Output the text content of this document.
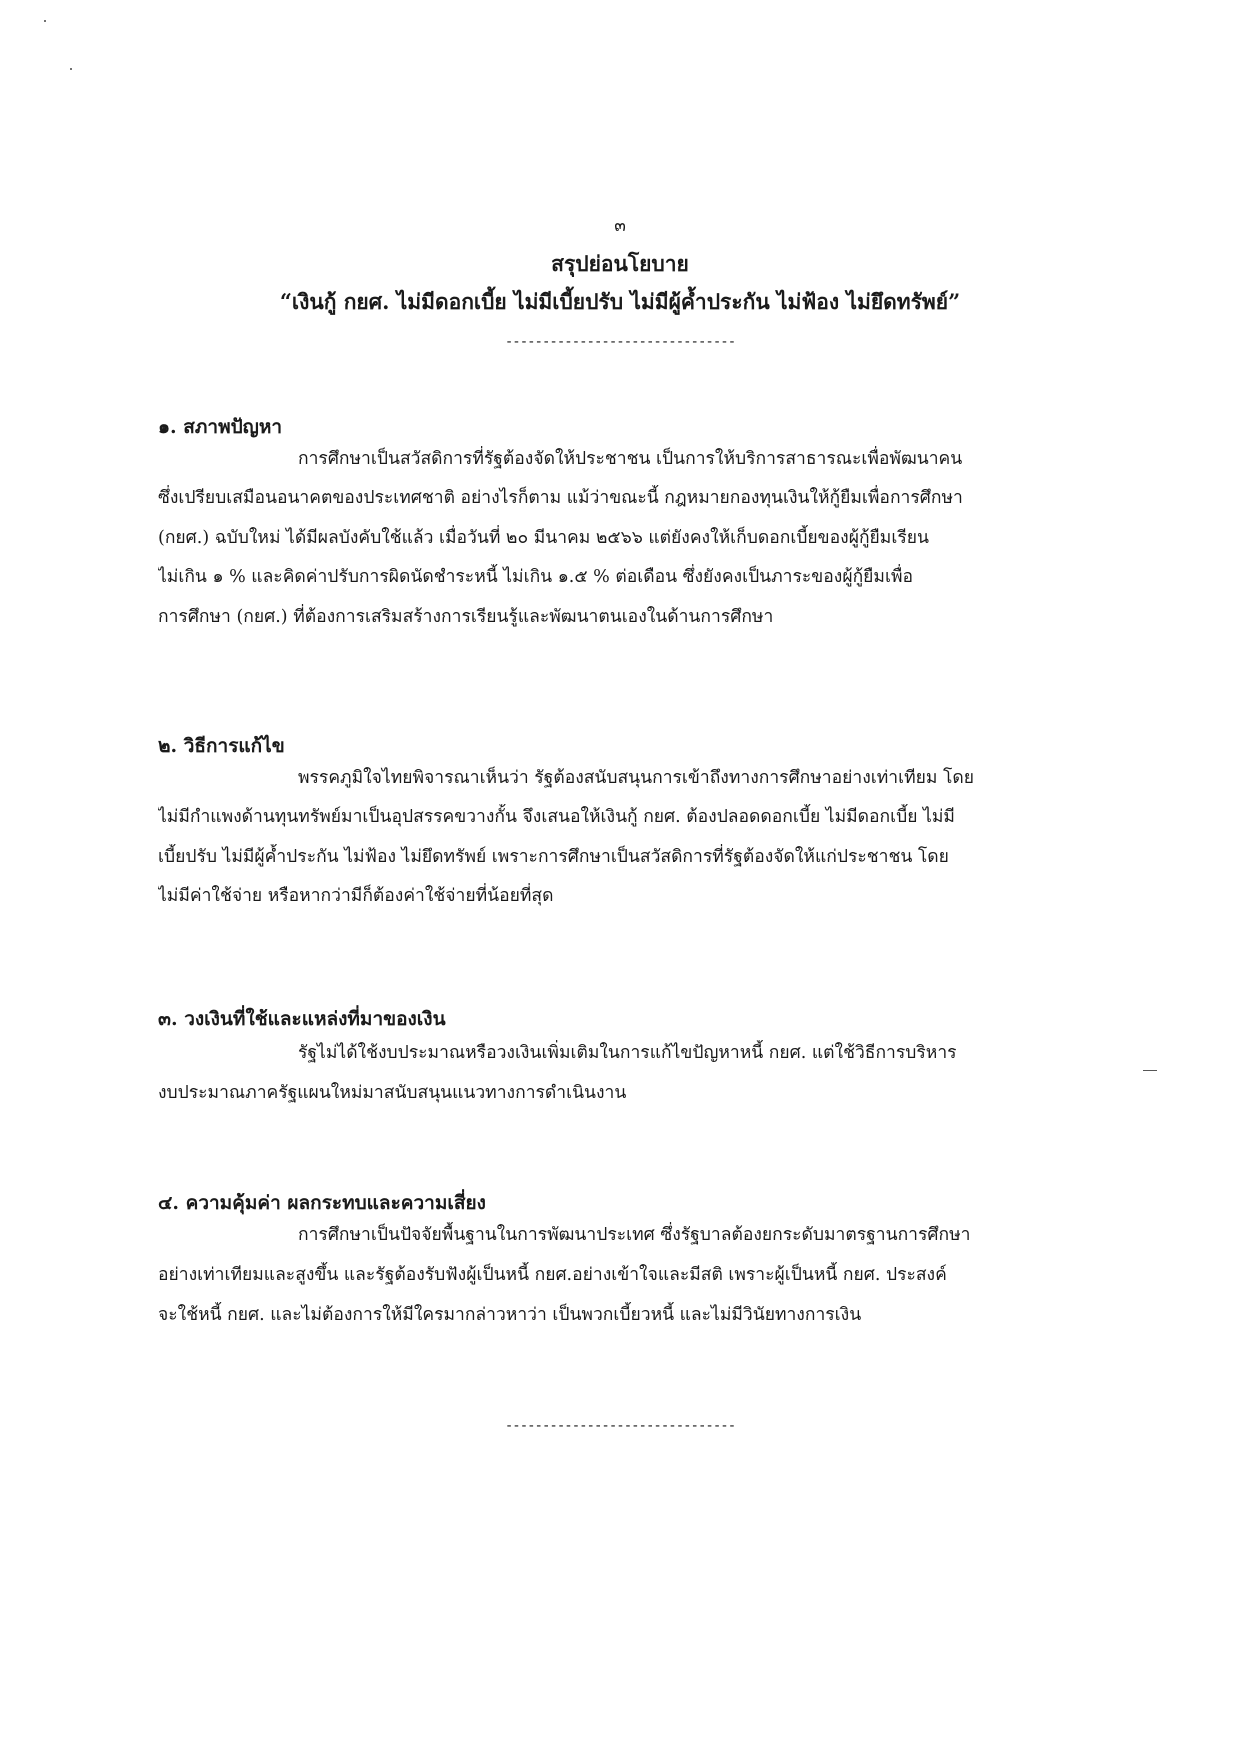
๓
สรุปย่อนโยบาย
“เงินกู้ กยศ. ไม่มีดอกเบี้ย ไม่มีเบี้ยปรับ ไม่มีผู้ค้ำประกัน ไม่ฟ้อง ไม่ยึดทรัพย์”
-------------------------------
๑. สภาพปัญหา
การศึกษาเป็นสวัสดิการที่รัฐต้องจัดให้ประชาชน เป็นการให้บริการสาธารณะเพื่อพัฒนาคน
ซึ่งเปรียบเสมือนอนาคตของประเทศชาติ อย่างไรก็ตาม แม้ว่าขณะนี้ กฎหมายกองทุนเงินให้กู้ยืมเพื่อการศึกษา
(กยศ.) ฉบับใหม่ ได้มีผลบังคับใช้แล้ว เมื่อวันที่ ๒๐ มีนาคม ๒๕๖๖ แต่ยังคงให้เก็บดอกเบี้ยของผู้กู้ยืมเรียน
ไม่เกิน ๑ % และคิดค่าปรับการผิดนัดชำระหนี้ ไม่เกิน ๑.๕ % ต่อเดือน ซึ่งยังคงเป็นภาระของผู้กู้ยืมเพื่อ
การศึกษา (กยศ.) ที่ต้องการเสริมสร้างการเรียนรู้และพัฒนาตนเองในด้านการศึกษา
๒. วิธีการแก้ไข
พรรคภูมิใจไทยพิจารณาเห็นว่า รัฐต้องสนับสนุนการเข้าถึงทางการศึกษาอย่างเท่าเทียม โดย
ไม่มีกำแพงด้านทุนทรัพย์มาเป็นอุปสรรคขวางกั้น จึงเสนอให้เงินกู้ กยศ. ต้องปลอดดอกเบี้ย ไม่มีดอกเบี้ย ไม่มี
เบี้ยปรับ ไม่มีผู้ค้ำประกัน ไม่ฟ้อง ไม่ยึดทรัพย์ เพราะการศึกษาเป็นสวัสดิการที่รัฐต้องจัดให้แก่ประชาชน โดย
ไม่มีค่าใช้จ่าย หรือหากว่ามีก็ต้องค่าใช้จ่ายที่น้อยที่สุด
๓. วงเงินที่ใช้และแหล่งที่มาของเงิน
รัฐไม่ได้ใช้งบประมาณหรือวงเงินเพิ่มเติมในการแก้ไขปัญหาหนี้ กยศ. แต่ใช้วิธีการบริหาร
งบประมาณภาครัฐแผนใหม่มาสนับสนุนแนวทางการดำเนินงาน
๔. ความคุ้มค่า ผลกระทบและความเสี่ยง
การศึกษาเป็นปัจจัยพื้นฐานในการพัฒนาประเทศ ซึ่งรัฐบาลต้องยกระดับมาตรฐานการศึกษา
อย่างเท่าเทียมและสูงขึ้น และรัฐต้องรับฟังผู้เป็นหนี้ กยศ.อย่างเข้าใจและมีสติ เพราะผู้เป็นหนี้ กยศ. ประสงค์
จะใช้หนี้ กยศ. และไม่ต้องการให้มีใครมากล่าวหาว่า เป็นพวกเบี้ยวหนี้ และไม่มีวินัยทางการเงิน
-------------------------------
